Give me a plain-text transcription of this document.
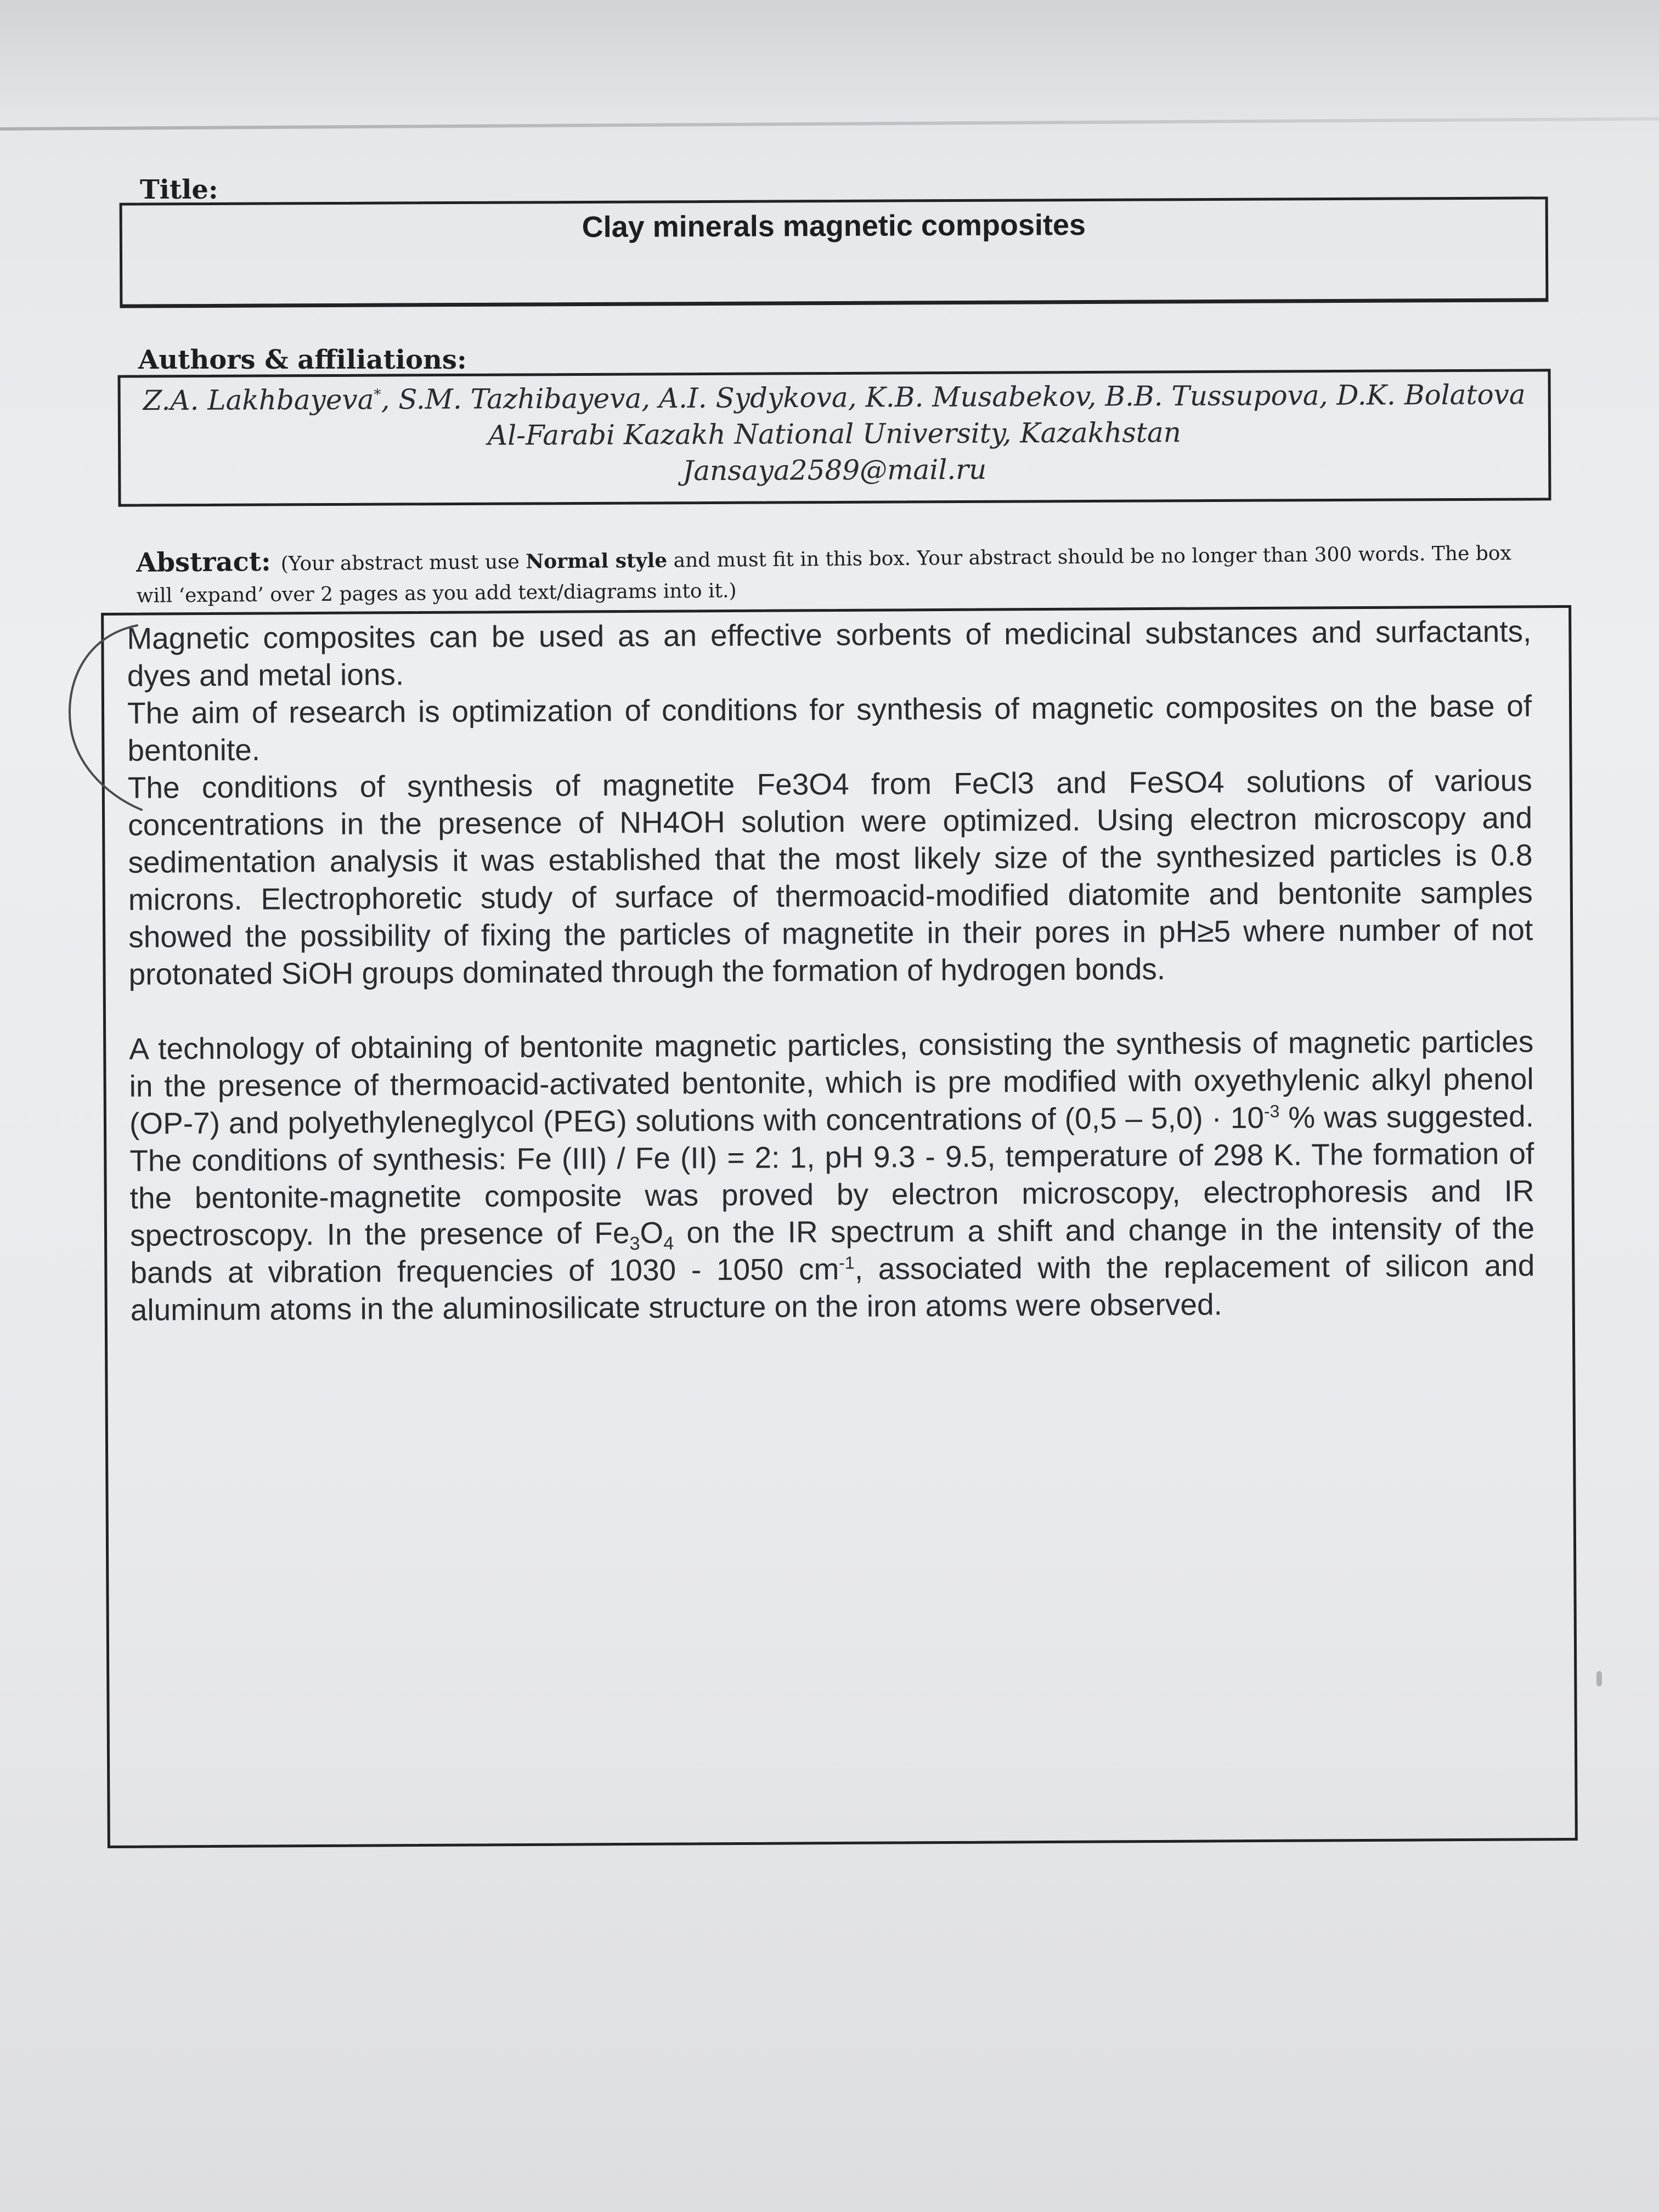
Title:
Clay minerals magnetic composites
Authors & affiliations:
Z.A. Lakhbayeva*, S.M. Tazhibayeva, A.I. Sydykova, K.B. Musabekov, B.B. Tussupova, D.K. Bolatova
Al-Farabi Kazakh National University, Kazakhstan
Jansaya2589@mail.ru
Abstract: (Your abstract must use Normal style and must fit in this box. Your abstract should be no longer than 300 words. The box will ‘expand’ over 2 pages as you add text/diagrams into it.)

Magnetic composites can be used as an effective sorbents of medicinal substances and surfactants, dyes and metal ions.

The aim of research is optimization of conditions for synthesis of magnetic composites on the base of bentonite.

The conditions of synthesis of magnetite Fe3O4 from FeCl3 and FeSO4 solutions of various concentrations in the presence of NH4OH solution were optimized. Using electron microscopy and sedimentation analysis it was established that the most likely size of the synthesized particles is 0.8 microns. Electrophoretic study of surface of thermoacid-modified diatomite and bentonite samples showed the possibility of fixing the particles of magnetite in their pores in pH≥5 where number of not protonated SiOH groups dominated through the formation of hydrogen bonds.

A technology of obtaining of bentonite magnetic particles, consisting the synthesis of magnetic particles in the presence of thermoacid-activated bentonite, which is pre modified with oxyethylenic alkyl phenol (OP-7) and polyethyleneglycol (PEG) solutions with concentrations of $(0,5 - 5,0) \cdot 10^{-3}$ % was suggested. The conditions of synthesis: Fe (III) / Fe (II) = 2: 1, pH 9.3 - 9.5, temperature of 298 K. The formation of the bentonite-magnetite composite was proved by electron microscopy, electrophoresis and IR spectroscopy. In the presence of $Fe_3O_4$ on the IR spectrum a shift and change in the intensity of the bands at vibration frequencies of 1030 - 1050 $cm^{-1}$, associated with the replacement of silicon and aluminum atoms in the aluminosilicate structure on the iron atoms were observed.
